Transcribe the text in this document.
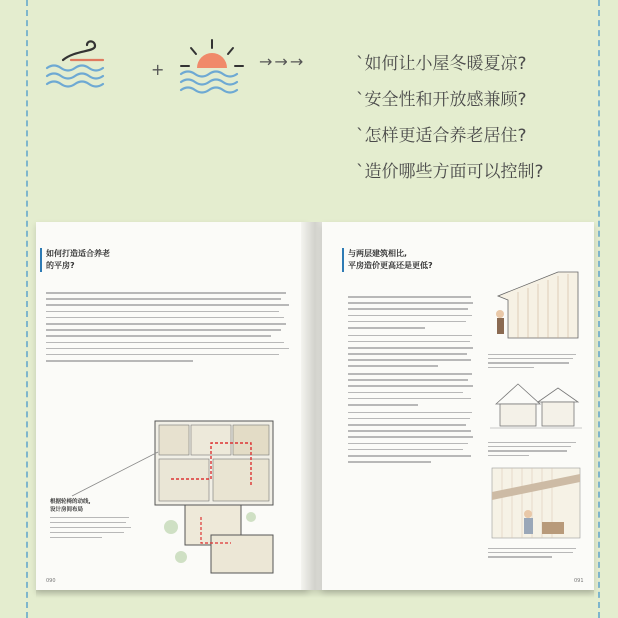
+	→→→	`如何让小屋冬暖夏凉?
`安全性和开放感兼顾?
`怎样更适合养老居住?
`造价哪些方面可以控制?
如何打造适合养老
的平房?
根据轮椅的动线,
设计房间布局
090
与两层建筑相比,
平房造价更高还是更低?
091
